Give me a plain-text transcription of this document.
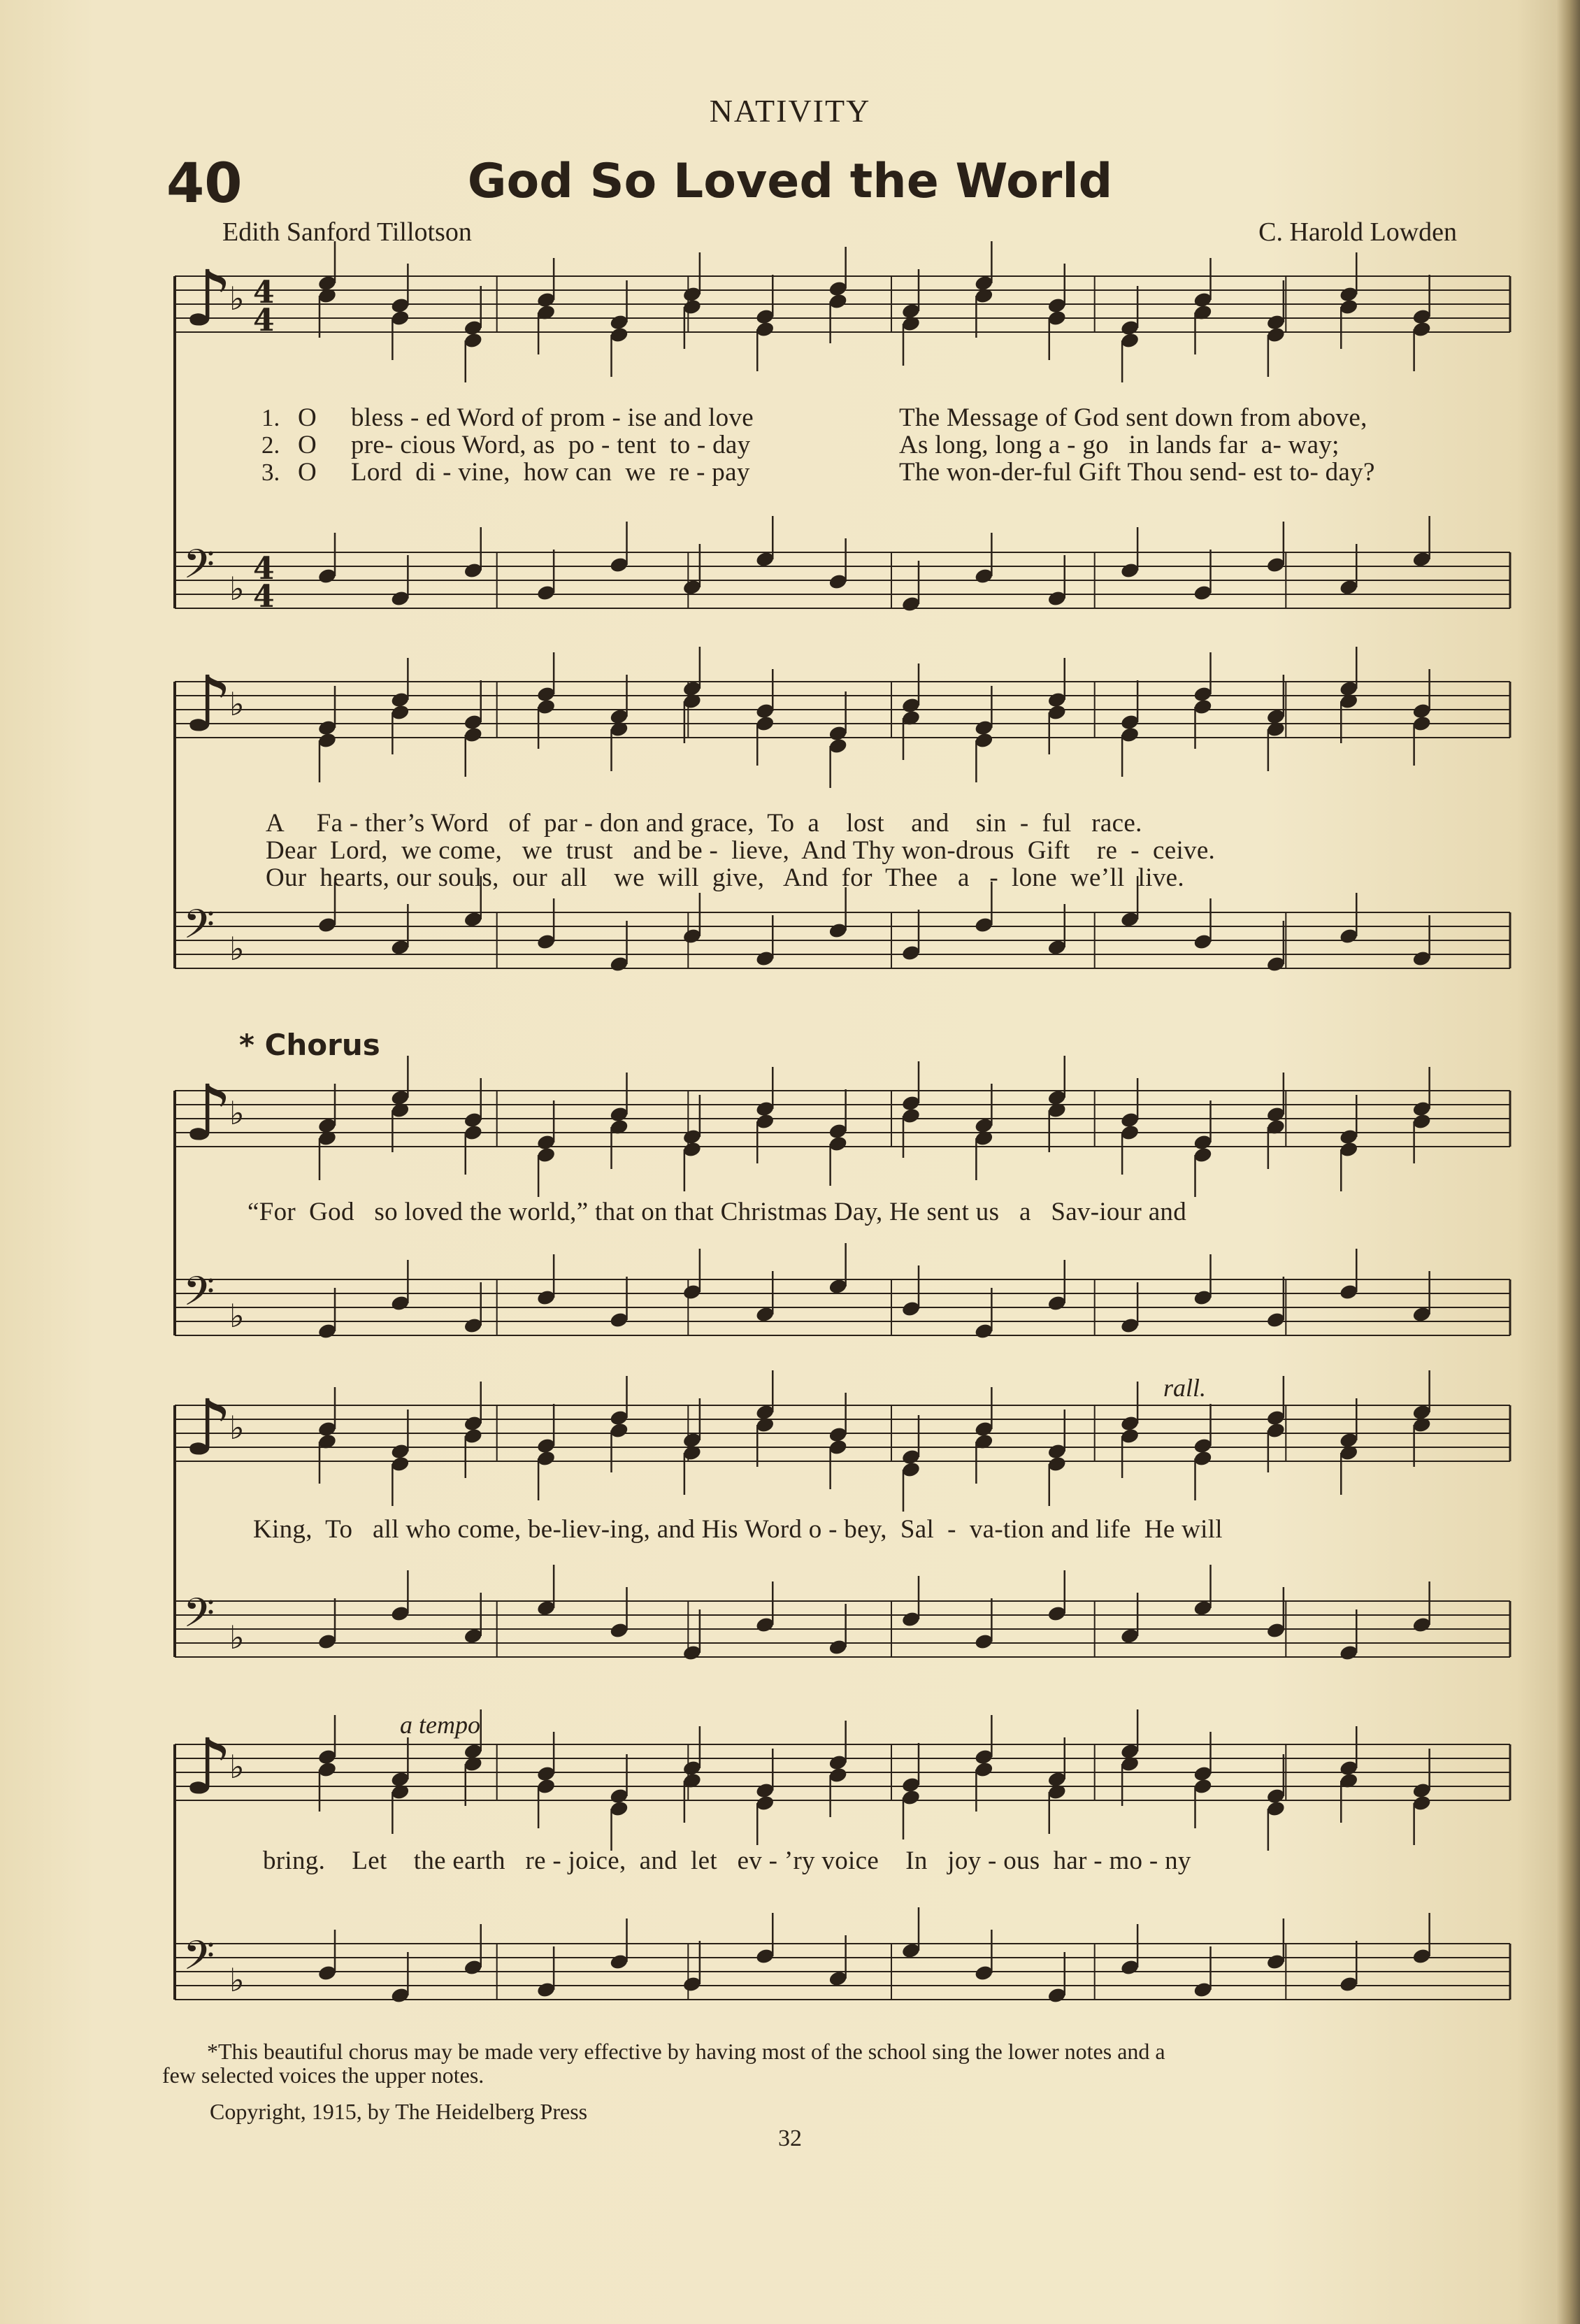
NATIVITY
40	God So Loved the World
Edith Sanford Tillotson	C. Harold Lowden
♪
♭ 4
4
𝄢 ♭
4
4
♪
♭
𝄢 ♭
♪
♭
𝄢 ♭
♪
♭
𝄢 ♭
♪
♭
𝄢 ♭
1.
2.
3.
O bless - ed Word of prom - ise and love	The Message of God sent down from above,
O pre- cious Word, as  po - tent  to - day	As long, long a - go   in lands far  a- way;
O Lord  di - vine,  how can  we  re - pay	The won-der-ful Gift Thou send- est to- day?
A     Fa - ther’s Word   of  par - don and grace,  To  a    lost    and    sin  -  ful   race.
Dear  Lord,  we come,   we  trust   and be -  lieve,  And Thy won-drous  Gift    re  -  ceive.
Our  hearts, our souls,  our  all    we  will  give,   And  for  Thee   a   -  lone  we’ll  live.
* Chorus
“For  God   so loved the world,” that on that Christmas Day, He sent us   a   Sav-iour and
King,  To   all who come, be-liev-ing, and His Word o - bey,  Sal  -  va-tion and life  He will
bring.    Let    the earth   re - joice,  and  let   ev - ’ry voice    In   joy - ous  har - mo - ny
rall.
a tempo
*This beautiful chorus may be made very effective by having most of the school sing the lower notes and a
few selected voices the upper notes.
Copyright, 1915, by The Heidelberg Press
32
